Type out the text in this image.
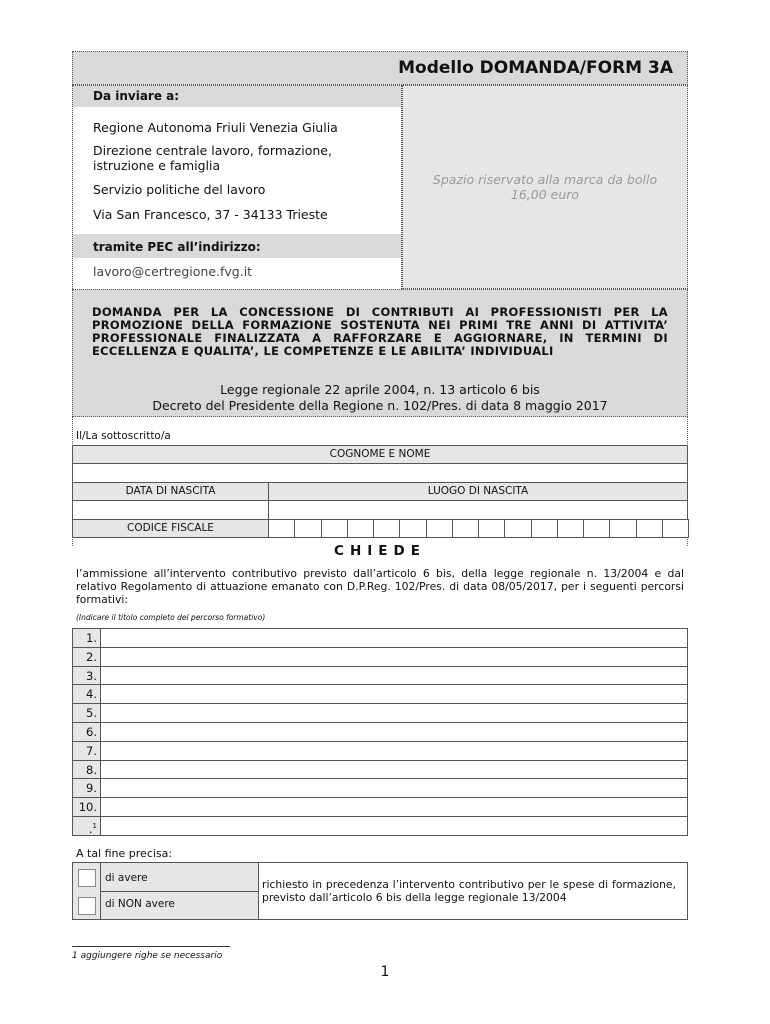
Modello DOMANDA/FORM 3A
Da inviare a:
Regione Autonoma Friuli Venezia Giulia
Direzione centrale lavoro, formazione,
istruzione e famiglia
Servizio politiche del lavoro
Via San Francesco, 37 - 34133 Trieste
tramite PEC all’indirizzo:
lavoro@certregione.fvg.it
Spazio riservato alla marca da bollo
16,00 euro
DOMANDA PER LA CONCESSIONE DI CONTRIBUTI AI PROFESSIONISTI PER LA PROMOZIONE DELLA FORMAZIONE SOSTENUTA NEI PRIMI TRE ANNI DI ATTIVITA’ PROFESSIONALE FINALIZZATA A RAFFORZARE E AGGIORNARE, IN TERMINI DI ECCELLENZA E QUALITA’, LE COMPETENZE E LE ABILITA’ INDIVIDUALI
Legge regionale 22 aprile 2004, n. 13 articolo 6 bis
Decreto del Presidente della Regione n. 102/Pres. di data 8 maggio 2017
Il/La sottoscritto/a
COGNOME E NOME
DATA DI NASCITA	LUOGO DI NASCITA
CODICE FISCALE
CHIEDE
l’ammissione all’intervento contributivo previsto dall’articolo 6 bis, della legge regionale n. 13/2004 e dal relativo Regolamento di attuazione emanato con D.P.Reg. 102/Pres. di data 08/05/2017, per i seguenti percorsi formativi:
(Indicare il titolo completo del percorso formativo)
1.
2.
3.
4.
5.
6.
7.
8.
9.
10.
.$^1$
A tal fine precisa:
di avere
di NON avere
richiesto in precedenza l’intervento contributivo per le spese di formazione, previsto dall’articolo 6 bis della legge regionale 13/2004
1 aggiungere righe se necessario
1
